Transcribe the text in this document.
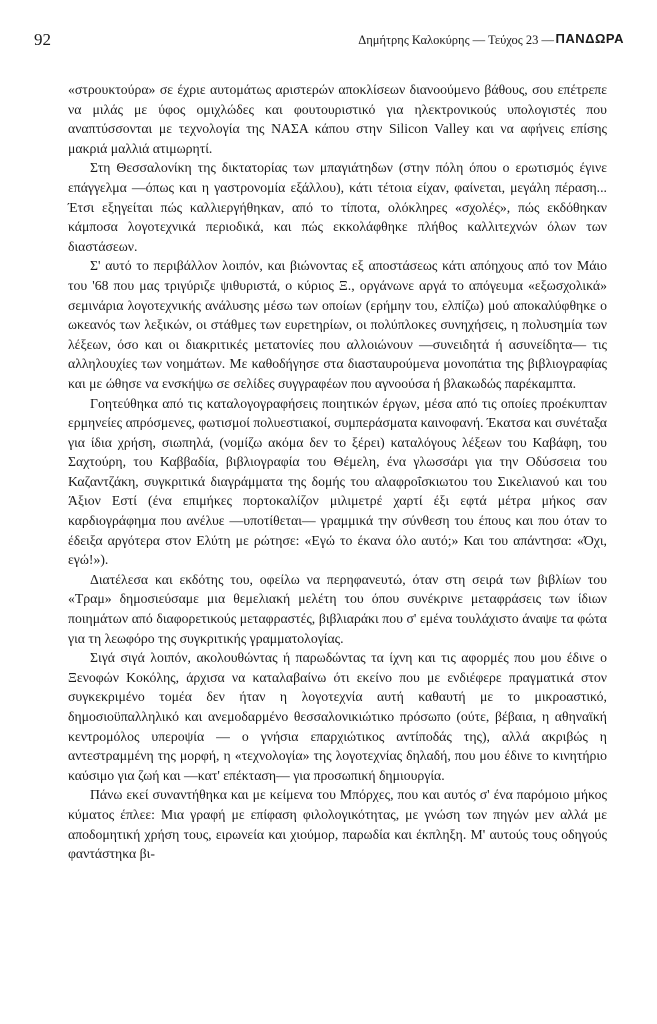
92	Δημήτρης Καλοκύρης — Τεύχος 23 — ΠΑΝΔΩΡΑ

«στρουκτούρα» σε έχριε αυτομάτως αριστερών αποκλίσεων διανοούμενο βάθους, σου επέτρεπε να μιλάς με ύφος ομιχλώδες και φουτουριστικό για ηλεκτρονικούς υπολογιστές που αναπτύσσονται με τεχνολογία της ΝΑΣΑ κάπου στην Silicon Valley και να αφήνεις επίσης μακριά μαλλιά ατιμωρητί.

Στη Θεσσαλονίκη της δικτατορίας των μπαγιάτηδων (στην πόλη όπου ο ερωτισμός έγινε επάγγελμα —όπως και η γαστρονομία εξάλλου), κάτι τέτοια είχαν, φαίνεται, μεγάλη πέραση... Έτσι εξηγείται πώς καλλιεργήθηκαν, από το τίποτα, ολόκληρες «σχολές», πώς εκδόθηκαν κάμποσα λογοτεχνικά περιοδικά, και πώς εκκολάφθηκε πλήθος καλλιτεχνών όλων των διαστάσεων.

Σ' αυτό το περιβάλλον λοιπόν, και βιώνοντας εξ αποστάσεως κάτι απόηχους από τον Μάιο του '68 που μας τριγύριζε ψιθυριστά, ο κύριος Ξ., οργάνωνε αργά το απόγευμα «εξωσχολικά» σεμινάρια λογοτεχνικής ανάλυσης μέσω των οποίων (ερήμην του, ελπίζω) μού αποκαλύφθηκε ο ωκεανός των λεξικών, οι στάθμες των ευρετηρίων, οι πολύπλοκες συνηχήσεις, η πολυσημία των λέξεων, όσο και οι διακριτικές μετατονίες που αλλοιώνουν —συνειδητά ή ασυνείδητα— τις αλληλουχίες των νοημάτων. Με καθοδήγησε στα διασταυρούμενα μονοπάτια της βιβλιογραφίας και με ώθησε να ενσκήψω σε σελίδες συγγραφέων που αγνοούσα ή βλακωδώς παρέκαμπτα.

Γοητεύθηκα από τις καταλογογραφήσεις ποιητικών έργων, μέσα από τις οποίες προέκυπταν ερμηνείες απρόσμενες, φωτισμοί πολυεστιακοί, συμπεράσματα καινοφανή. Έκατσα και συνέταξα για ίδια χρήση, σιωπηλά, (νομίζω ακόμα δεν το ξέρει) καταλόγους λέξεων του Καβάφη, του Σαχτούρη, του Καββαδία, βιβλιογραφία του Θέμελη, ένα γλωσσάρι για την Οδύσσεια του Καζαντζάκη, συγκριτικά διαγράμματα της δομής του αλαφροΐσκιωτου του Σικελιανού και του Άξιον Εστί (ένα επιμήκες πορτοκαλίζον μιλιμετρέ χαρτί έξι εφτά μέτρα μήκος σαν καρδιογράφημα που ανέλυε —υποτίθεται— γραμμικά την σύνθεση του έπους και που όταν το έδειξα αργότερα στον Ελύτη με ρώτησε: «Εγώ το έκανα όλο αυτό;» Και του απάντησα: «Όχι, εγώ!»).

Διατέλεσα και εκδότης του, οφείλω να περηφανευτώ, όταν στη σειρά των βιβλίων του «Τραμ» δημοσιεύσαμε μια θεμελιακή μελέτη του όπου συνέκρινε μεταφράσεις των ίδιων ποιημάτων από διαφορετικούς μεταφραστές, βιβλιαράκι που σ' εμένα τουλάχιστο άναψε τα φώτα για τη λεωφόρο της συγκριτικής γραμματολογίας.

Σιγά σιγά λοιπόν, ακολουθώντας ή παρωδώντας τα ίχνη και τις αφορμές που μου έδινε ο Ξενοφών Κοκόλης, άρχισα να καταλαβαίνω ότι εκείνο που με ενδιέφερε πραγματικά στον συγκεκριμένο τομέα δεν ήταν η λογοτεχνία αυτή καθαυτή με το μικροαστικό, δημοσιοϋπαλληλικό και ανεμοδαρμένο θεσσαλονικιώτικο πρόσωπο (ούτε, βέβαια, η αθηναϊκή κεντρομόλος υπεροψία — ο γνήσια επαρχιώτικος αντίποδάς της), αλλά ακριβώς η αντεστραμμένη της μορφή, η «τεχνολογία» της λογοτεχνίας δηλαδή, που μου έδινε το κινητήριο καύσιμο για ζωή και —κατ' επέκταση— για προσωπική δημιουργία.

Πάνω εκεί συναντήθηκα και με κείμενα του Μπόρχες, που και αυτός σ' ένα παρόμοιο μήκος κύματος έπλεε: Μια γραφή με επίφαση φιλολογικότητας, με γνώση των πηγών μεν αλλά με αποδομητική χρήση τους, ειρωνεία και χιούμορ, παρωδία και έκπληξη. Μ' αυτούς τους οδηγούς φαντάστηκα βι-
